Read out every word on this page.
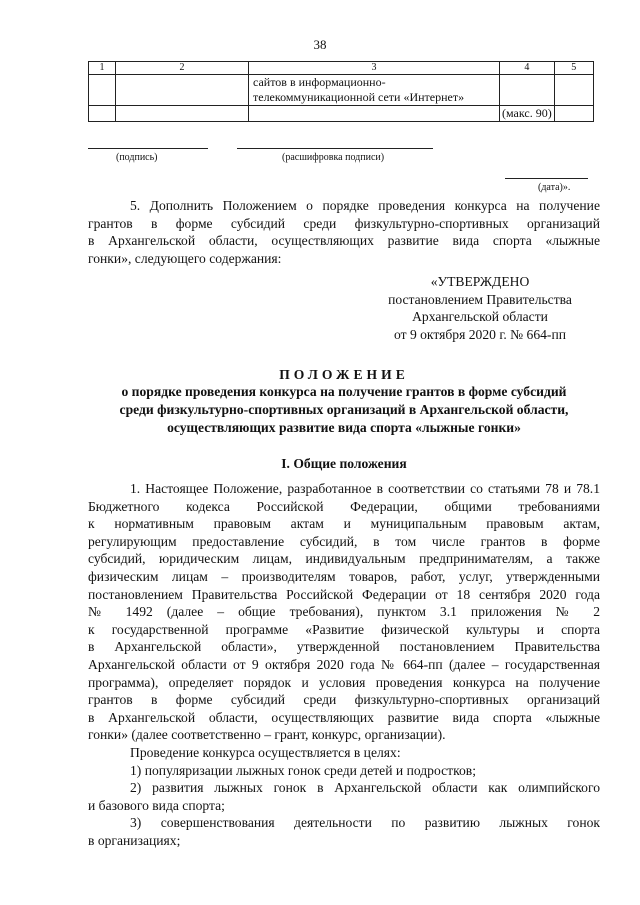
38
1	2	3	4	5

		сайтов в информационно-
телекоммуникационной сети «Интернет»		

			(макс. 90)	
(подпись)	(расшифровка подписи)
(дата)».
5. Дополнить Положением о порядке проведения конкурса на получение
грантов в форме субсидий среди физкультурно-спортивных организаций
в Архангельской области, осуществляющих развитие вида спорта «лыжные
гонки», следующего содержания:
«УТВЕРЖДЕНО
постановлением Правительства
Архангельской области
от 9 октября 2020 г. № 664-пп
ПОЛОЖЕНИЕ
о порядке проведения конкурса на получение грантов в форме субсидий
среди физкультурно-спортивных организаций в Архангельской области,
осуществляющих развитие вида спорта «лыжные гонки»
I. Общие положения
1. Настоящее Положение, разработанное в соответствии со статьями 78 и 78.1
Бюджетного кодекса Российской Федерации, общими требованиями
к нормативным правовым актам и муниципальным правовым актам,
регулирующим предоставление субсидий, в том числе грантов в форме
субсидий, юридическим лицам, индивидуальным предпринимателям, а также
физическим лицам – производителям товаров, работ, услуг, утвержденными
постановлением Правительства Российской Федерации от 18 сентября 2020 года
№ 1492 (далее – общие требования), пунктом 3.1 приложения № 2
к государственной программе «Развитие физической культуры и спорта
в Архангельской области», утвержденной постановлением Правительства
Архангельской области от 9 октября 2020 года № 664-пп (далее – государственная
программа), определяет порядок и условия проведения конкурса на получение
грантов в форме субсидий среди физкультурно-спортивных организаций
в Архангельской области, осуществляющих развитие вида спорта «лыжные
гонки» (далее соответственно – грант, конкурс, организации).
Проведение конкурса осуществляется в целях:
1) популяризации лыжных гонок среди детей и подростков;
2) развития лыжных гонок в Архангельской области как олимпийского
и базового вида спорта;
3) совершенствования деятельности по развитию лыжных гонок
в организациях;
